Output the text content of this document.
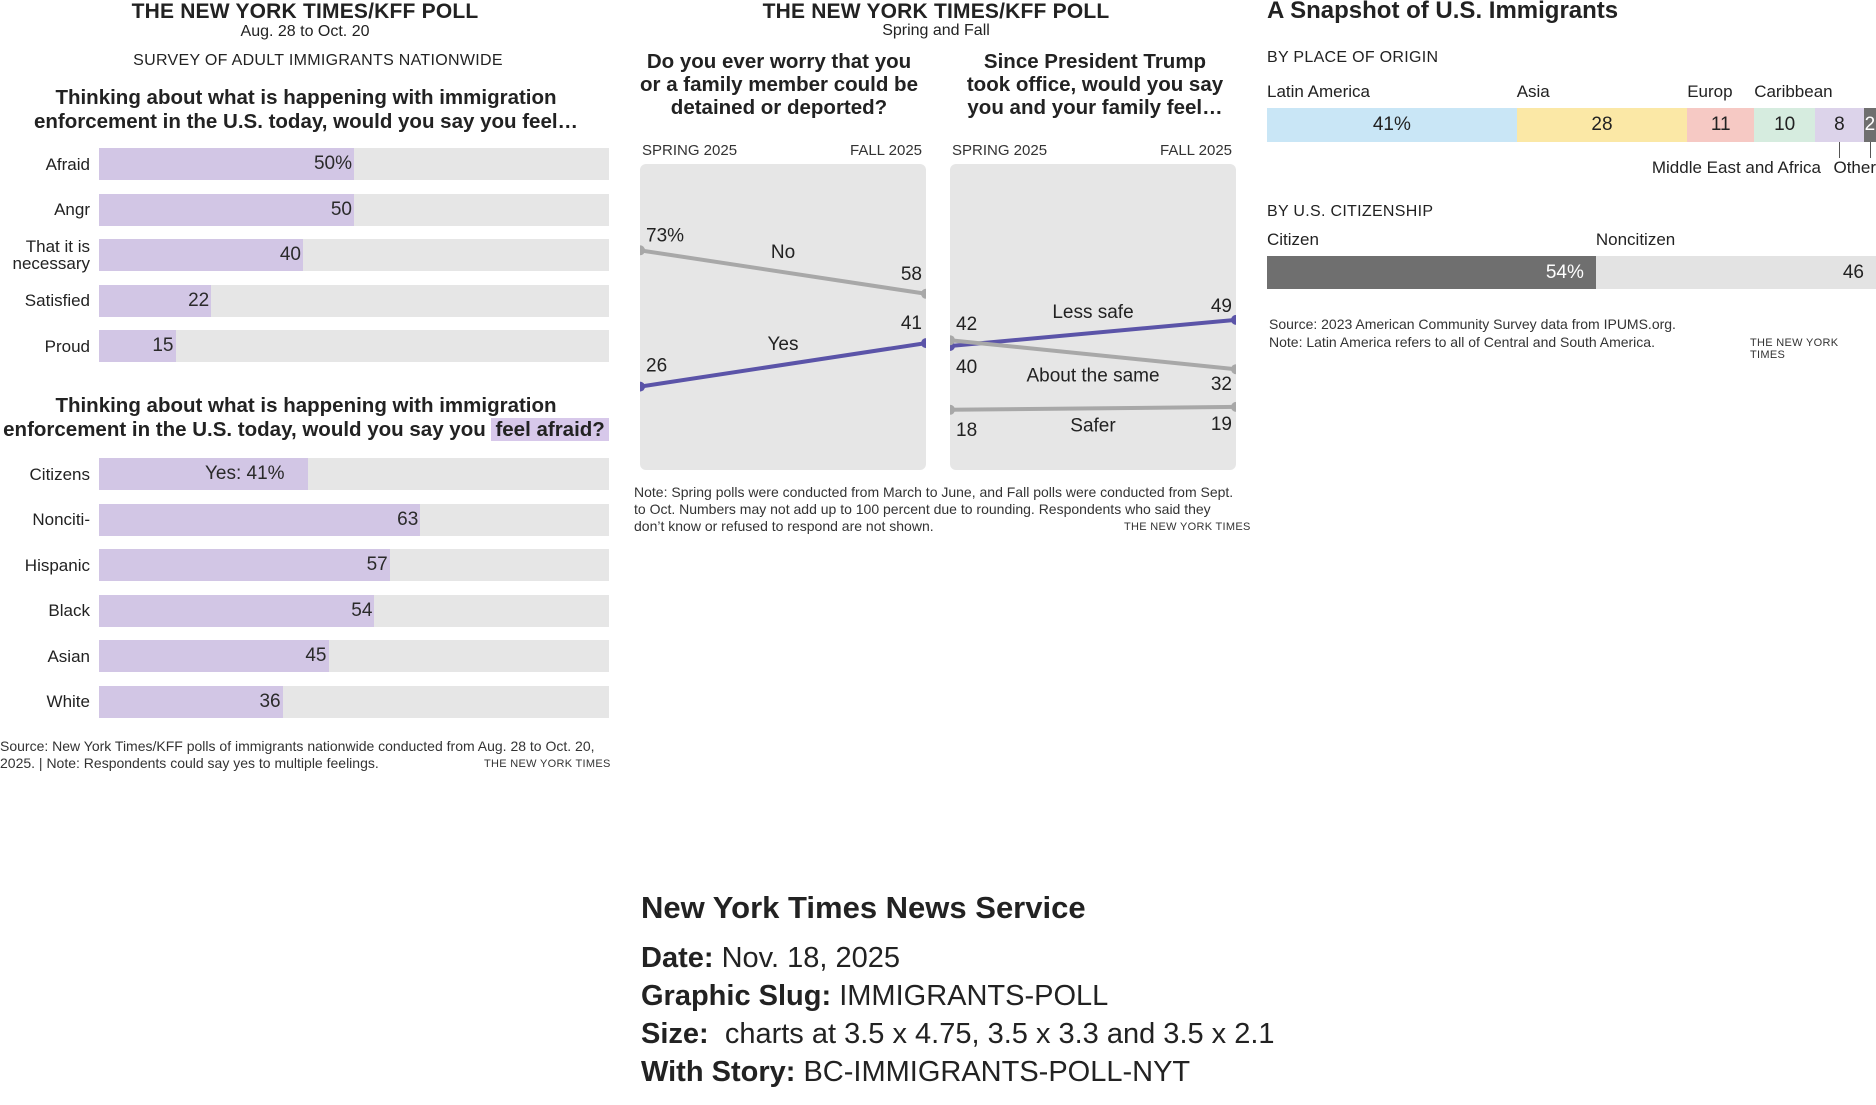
THE NEW YORK TIMES/KFF POLL
Aug. 28 to Oct. 20
SURVEY OF ADULT IMMIGRANTS NATIONWIDE
Thinking about what is happening with immigration enforcement in the U.S. today, would you say you feel…
Afraid	50%
Angr	50
That it is necessary	40
Satisfied	22
Proud	15
Thinking about what is happening with immigration enforcement in the U.S. today, would you say you feel afraid?
Citizens	Yes: 41%
Nonciti-	63
Hispanic	57
Black	54
Asian	45
White	36
Source: New York Times/KFF polls of immigrants nationwide conducted from Aug. 28 to Oct. 20, 2025. | Note: Respondents could say yes to multiple feelings.	THE NEW YORK TIMES
THE NEW YORK TIMES/KFF POLL
Spring and Fall
Do you ever worry that you or a family member could be detained or deported?
Since President Trump took office, would you say you and your family feel…
SPRING 2025	FALL 2025 SPRING 2025	FALL 2025
73%
58
No
26
41
Yes
40
49
Less safe
42
32
About the same
18	19
Safer
Note: Spring polls were conducted from March to June, and Fall polls were conducted from Sept. to Oct. Numbers may not add up to 100 percent due to rounding. Respondents who said they don’t know or refused to respond are not shown.	THE NEW YORK TIMES
A Snapshot of U.S. Immigrants
BY PLACE OF ORIGIN
41%
Latin America
28
Asia
11
Europ
10
Caribbean
8
Middle East and Africa
2
Other
BY U.S. CITIZENSHIP
54%
Citizen
46
Noncitizen
Source: 2023 American Community Survey data from IPUMS.org.
Note: Latin America refers to all of Central and South America.	THE NEW YORK TIMES
New York Times News Service
Date: Nov. 18, 2025
Graphic Slug: IMMIGRANTS-POLL
Size: charts at 3.5 x 4.75, 3.5 x 3.3 and 3.5 x 2.1
With Story: BC-IMMIGRANTS-POLL-NYT
